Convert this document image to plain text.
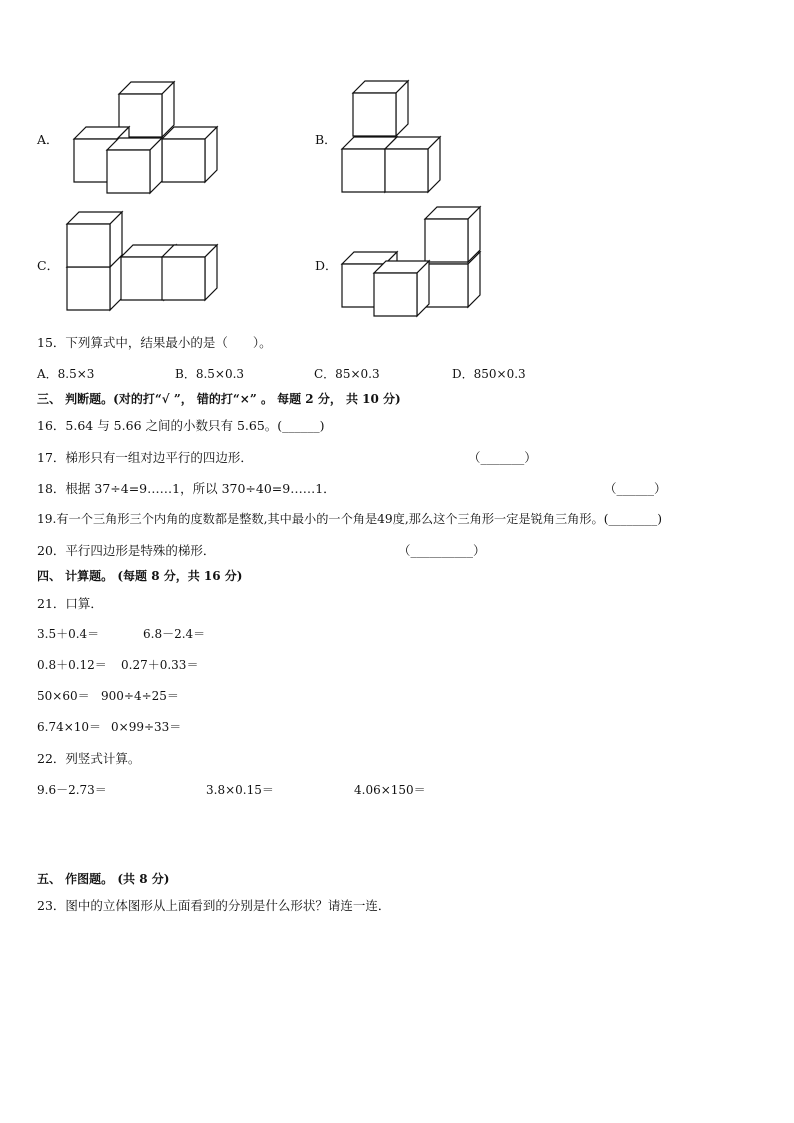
A．	B．
C．	D．
15．下列算式中，结果最小的是（　　）。
A．8.5×3	B．8.5×0.3	C．85×0.3	D．850×0.3
三、 判断题。(对的打“√ ”， 错的打“×” 。 每题 2 分， 共 10 分)
16．5.64 与 5.66 之间的小数只有 5.65。(______)
17．梯形只有一组对边平行的四边形．	（_______）
18．根据 37÷4=9……1，所以 370÷40=9……1．	（______）
19.有一个三角形三个内角的度数都是整数,其中最小的一个角是49度,那么这个三角形一定是锐角三角形。(________)
20．平行四边形是特殊的梯形．	（__________）
四、 计算题。 (每题 8 分，共 16 分)
21．口算．
3.5＋0.4＝	6.8－2.4＝
0.8＋0.12＝ 0.27＋0.33＝
50×60＝ 900÷4÷25＝
6.74×10＝ 0×99÷33＝
22．列竖式计算。
9.6－2.73＝	3.8×0.15＝	4.06×150＝
五、 作图题。 (共 8 分)
23．图中的立体图形从上面看到的分别是什么形状？请连一连．
